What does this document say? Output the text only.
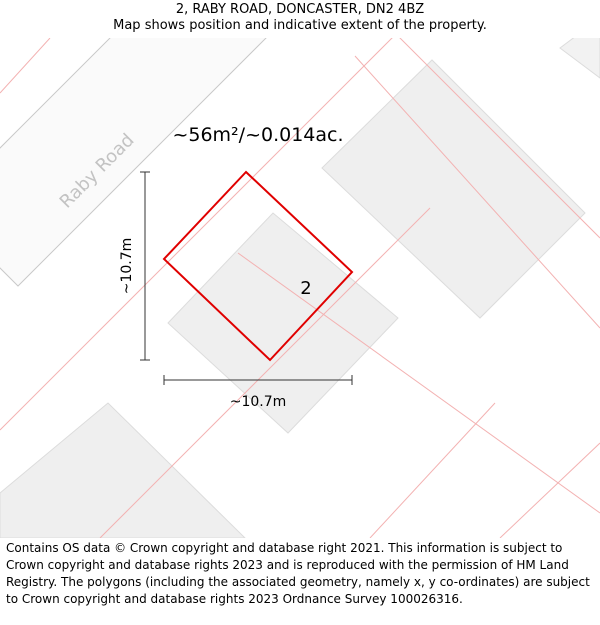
2, RABY ROAD, DONCASTER, DN2 4BZ
Map shows position and indicative extent of the property.
Raby Road ~56m²/~0.014ac.
2
~10.7m
~10.7m
Contains OS data © Crown copyright and database right 2021. This information is subject to Crown copyright and database rights 2023 and is reproduced with the permission of HM Land Registry. The polygons (including the associated geometry, namely x, y co-ordinates) are subject to Crown copyright and database rights 2023 Ordnance Survey 100026316.
